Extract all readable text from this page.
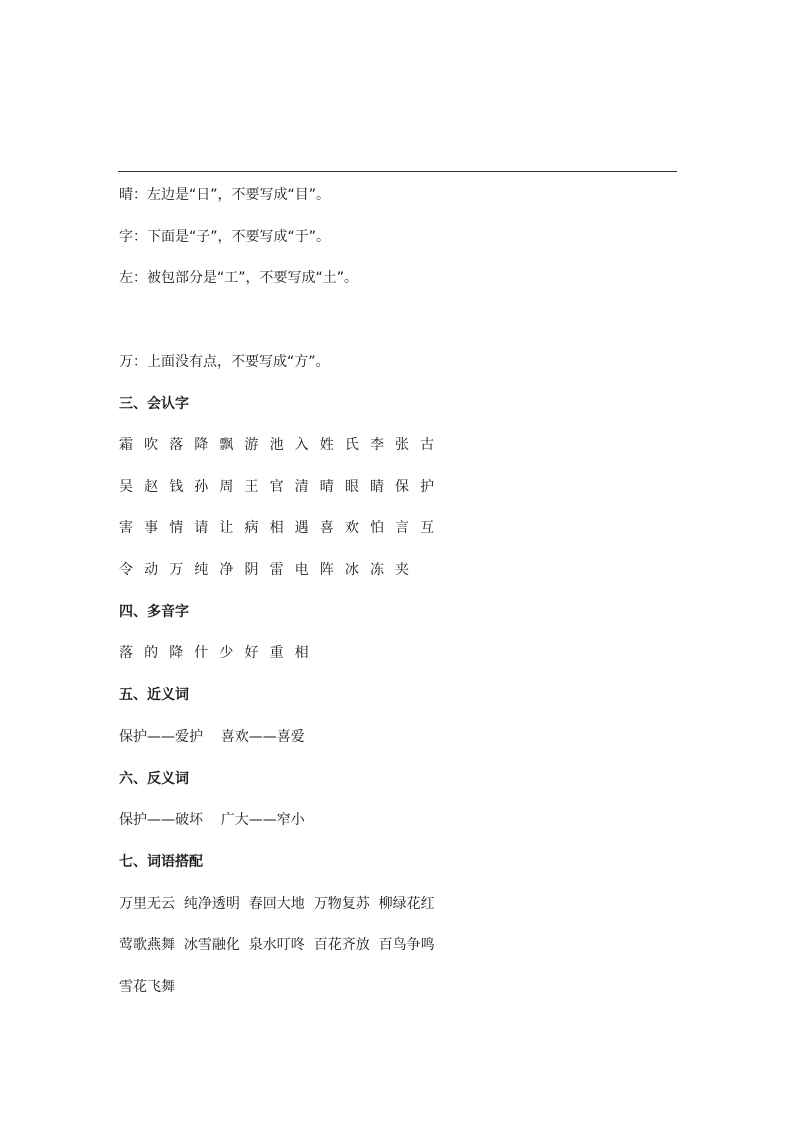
晴：左边是“日”，不要写成“目”。

字：下面是“子”，不要写成“于”。

左：被包部分是“工”，不要写成“土”。

万：上面没有点，不要写成“方”。

三、会认字

霜 吹 落 降 飘 游 池 入 姓 氏 李 张 古

吴 赵 钱 孙 周 王 官 清 晴 眼 睛 保 护

害 事 情 请 让 病 相 遇 喜 欢 怕 言 互

令 动 万 纯 净 阴 雷 电 阵 冰 冻 夹

四、多音字

落 的 降 什 少 好 重 相

五、近义词

保护——爱护    喜欢——喜爱

六、反义词

保护——破坏    广大——窄小

七、词语搭配

万里无云  纯净透明  春回大地  万物复苏  柳绿花红

莺歌燕舞  冰雪融化  泉水叮咚  百花齐放  百鸟争鸣

雪花飞舞
